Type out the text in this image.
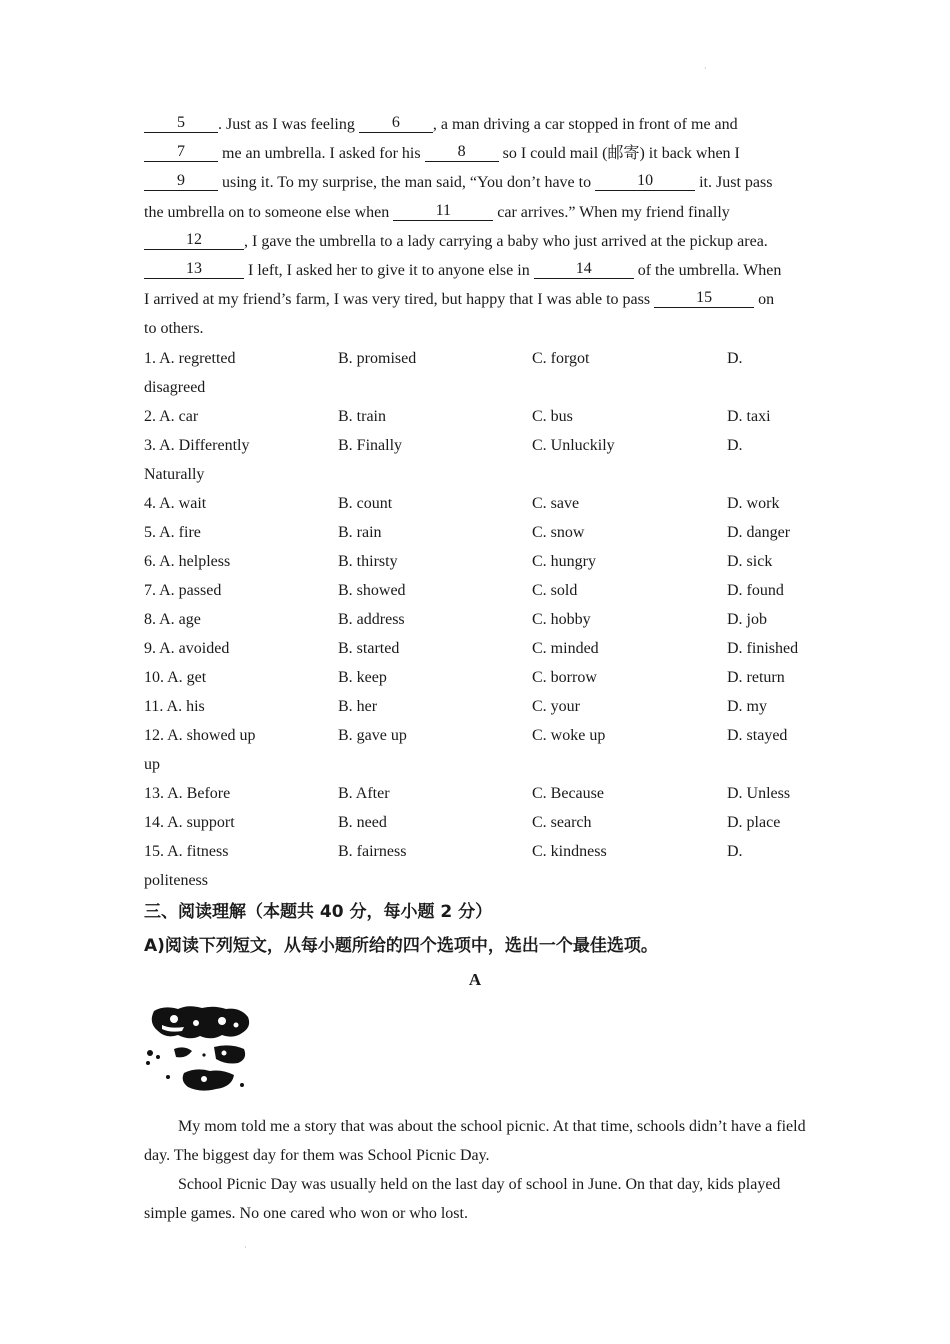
·
·
5 . Just as I was feeling 6 , a man driving a car stopped in front of me and
7 me an umbrella. I asked for his 8 so I could mail (邮寄) it back when I
9 using it. To my surprise, the man said, “You don’t have to	10	it. Just pass
the umbrella on to someone else when	11	car arrives.” When my friend finally
12	, I gave the umbrella to a lady carrying a baby who just arrived at the pickup area.
13	I left, I asked her to give it to anyone else in	14	of the umbrella. When
I arrived at my friend’s farm, I was very tired, but happy that I was able to pass	15	on
to others.
1. A. regretted	B. promised	C. forgot	D.
disagreed
2. A. car	B. train	C. bus	D. taxi
3. A. Differently	B. Finally	C. Unluckily	D.
Naturally
4. A. wait	B. count	C. save	D. work
5. A. fire	B. rain	C. snow	D. danger
6. A. helpless	B. thirsty	C. hungry	D. sick
7. A. passed	B. showed	C. sold	D. found
8. A. age	B. address	C. hobby	D. job
9. A. avoided	B. started	C. minded	D. finished
10. A. get	B. keep	C. borrow	D. return
11. A. his	B. her	C. your	D. my
12. A. showed up	B. gave up	C. woke up	D. stayed
up
13. A. Before	B. After	C. Because	D. Unless
14. A. support	B. need	C. search	D. place
15. A. fitness	B. fairness	C. kindness	D.
politeness
三、阅读理解（本题共 40 分，每小题 2 分）
A)阅读下列短文，从每小题所给的四个选项中，选出一个最佳选项。
A

My mom told me a story that was about the school picnic. At that time, schools didn’t have a field day. The biggest day for them was School Picnic Day.

School Picnic Day was usually held on the last day of school in June. On that day, kids played simple games. No one cared who won or who lost.
